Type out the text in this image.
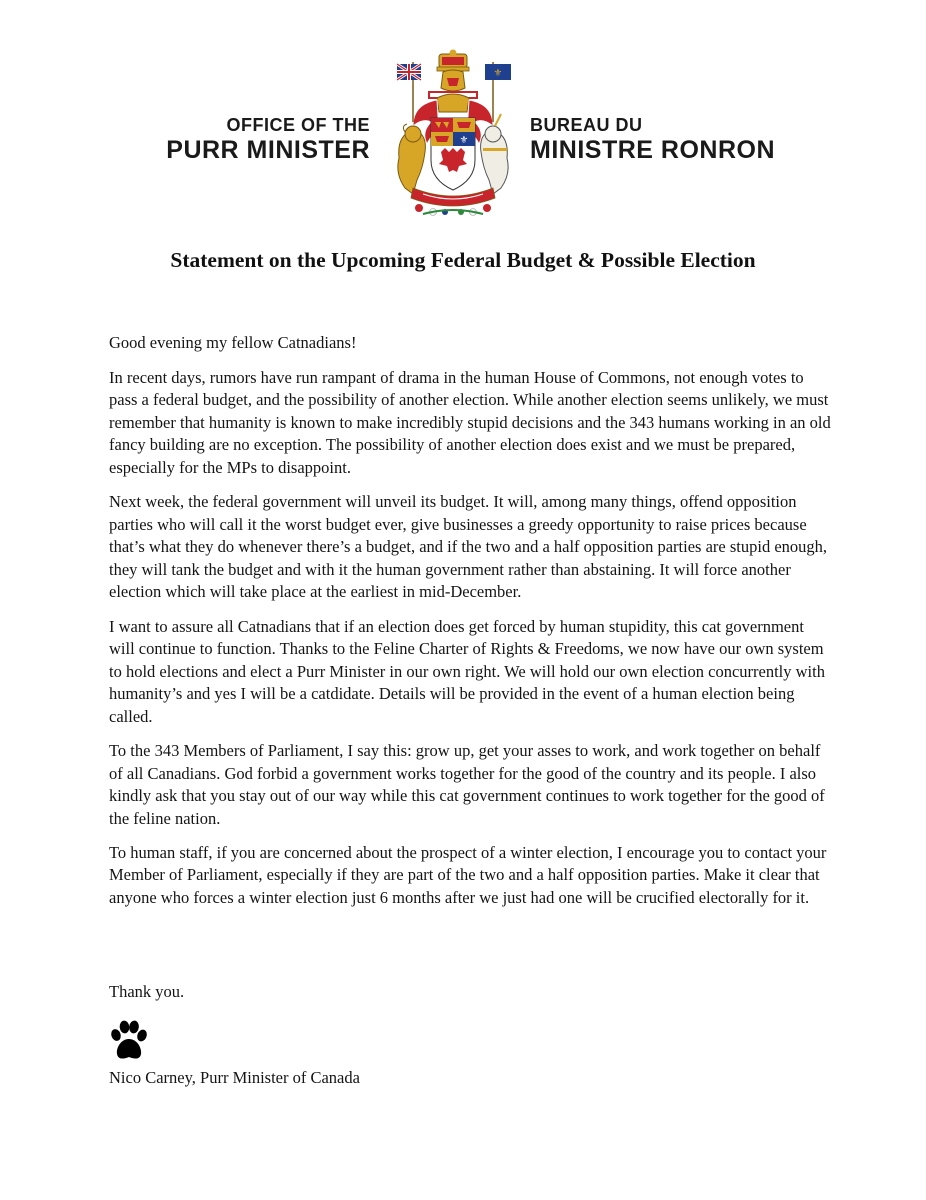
OFFICE OF THE
PURR MINISTER
⚜
⚜
BUREAU DU
MINISTRE RONRON
Statement on the Upcoming Federal Budget & Possible Election

Good evening my fellow Catnadians!

In recent days, rumors have run rampant of drama in the human House of Commons, not enough votes to pass a federal budget, and the possibility of another election. While another election seems unlikely, we must remember that humanity is known to make incredibly stupid decisions and the 343 humans working in an old fancy building are no exception. The possibility of another election does exist and we must be prepared, especially for the MPs to disappoint.

Next week, the federal government will unveil its budget. It will, among many things, offend opposition parties who will call it the worst budget ever, give businesses a greedy opportunity to raise prices because that’s what they do whenever there’s a budget, and if the two and a half opposition parties are stupid enough, they will tank the budget and with it the human government rather than abstaining. It will force another election which will take place at the earliest in mid-December.

I want to assure all Catnadians that if an election does get forced by human stupidity, this cat government will continue to function. Thanks to the Feline Charter of Rights & Freedoms, we now have our own system to hold elections and elect a Purr Minister in our own right. We will hold our own election concurrently with humanity’s and yes I will be a catdidate. Details will be provided in the event of a human election being called.

To the 343 Members of Parliament, I say this: grow up, get your asses to work, and work together on behalf of all Canadians. God forbid a government works together for the good of the country and its people. I also kindly ask that you stay out of our way while this cat government continues to work together for the good of the feline nation.

To human staff, if you are concerned about the prospect of a winter election, I encourage you to contact your Member of Parliament, especially if they are part of the two and a half opposition parties. Make it clear that anyone who forces a winter election just 6 months after we just had one will be crucified electorally for it.

Thank you.
Nico Carney, Purr Minister of Canada
